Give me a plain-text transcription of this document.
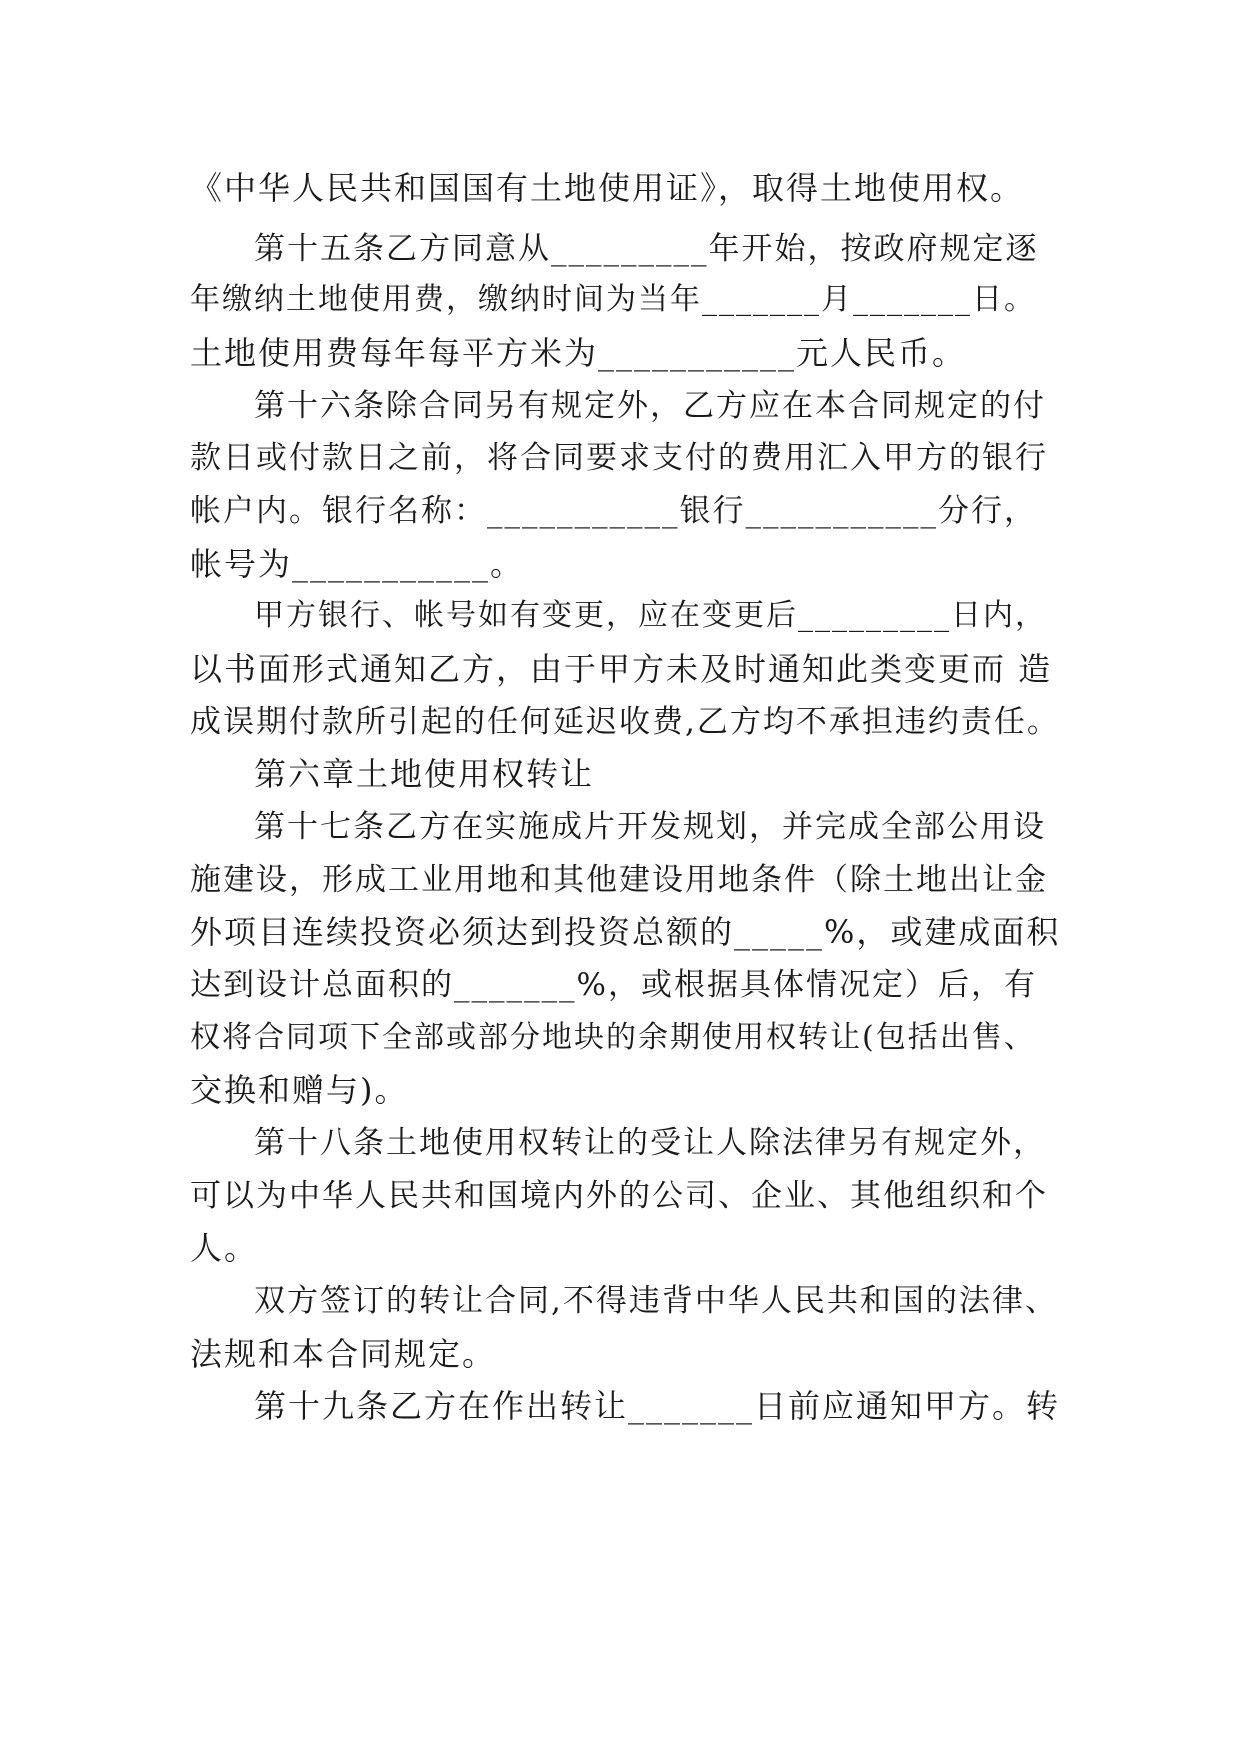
《中华人民共和国国有土地使用证》，取得土地使用权。
第十五条乙方同意从_________年开始，按政府规定逐
年缴纳土地使用费，缴纳时间为当年_______月_______日。
土地使用费每年每平方米为___________元人民币。
第十六条除合同另有规定外，乙方应在本合同规定的付
款日或付款日之前，将合同要求支付的费用汇入甲方的银行
帐户内。银行名称：___________银行___________分行，
帐号为___________。
甲方银行、帐号如有变更，应在变更后_________日内，
以书面形式通知乙方，由于甲方未及时通知此类变更而 造
成误期付款所引起的任何延迟收费,乙方均不承担违约责任。
第六章土地使用权转让
第十七条乙方在实施成片开发规划，并完成全部公用设
施建设，形成工业用地和其他建设用地条件（除土地出让金
外项目连续投资必须达到投资总额的_____%，或建成面积
达到设计总面积的_______%，或根据具体情况定）后，有
权将合同项下全部或部分地块的余期使用权转让(包括出售、
交换和赠与)。
第十八条土地使用权转让的受让人除法律另有规定外，
可以为中华人民共和国境内外的公司、企业、其他组织和个
人。
双方签订的转让合同,不得违背中华人民共和国的法律、
法规和本合同规定。
第十九条乙方在作出转让_______日前应通知甲方。转
